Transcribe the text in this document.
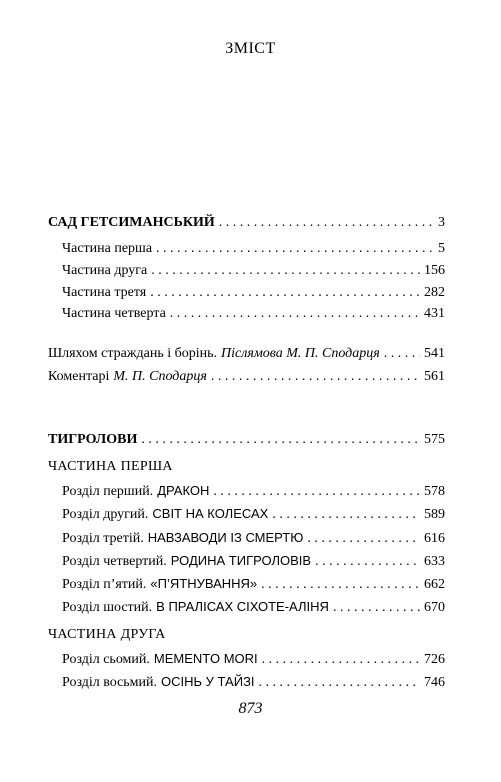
ЗМІСТ
САД ГЕТСИМАНСЬКИЙ . . .	3
Частина перша . . .	5
Частина друга . . .	156
Частина третя . . .	282
Частина четверта . . .	431
Шляхом страждань і борінь. Післямова М. П. Сподарця . . .	541
Коментарі М. П. Сподарця . . .	561
ТИГРОЛОВИ . . .	575
ЧАСТИНА ПЕРША
Розділ перший. ДРАКОН . . .	578
Розділ другий. СВІТ НА КОЛЕСАХ . . .	589
Розділ третій. НАВЗАВОДИ ІЗ СМЕРТЮ . . .	616
Розділ четвертий. РОДИНА ТИГРОЛОВІВ . . .	633
Розділ п’ятий. «П’ЯТНУВАННЯ» . . .	662
Розділ шостий. В ПРАЛІСАХ СІХОТЕ-АЛІНЯ . . .	670
ЧАСТИНА ДРУГА
Розділ сьомий. MEMENTO MORI . . .	726
Розділ восьмий. ОСІНЬ У ТАЙЗІ . . .	746
873
